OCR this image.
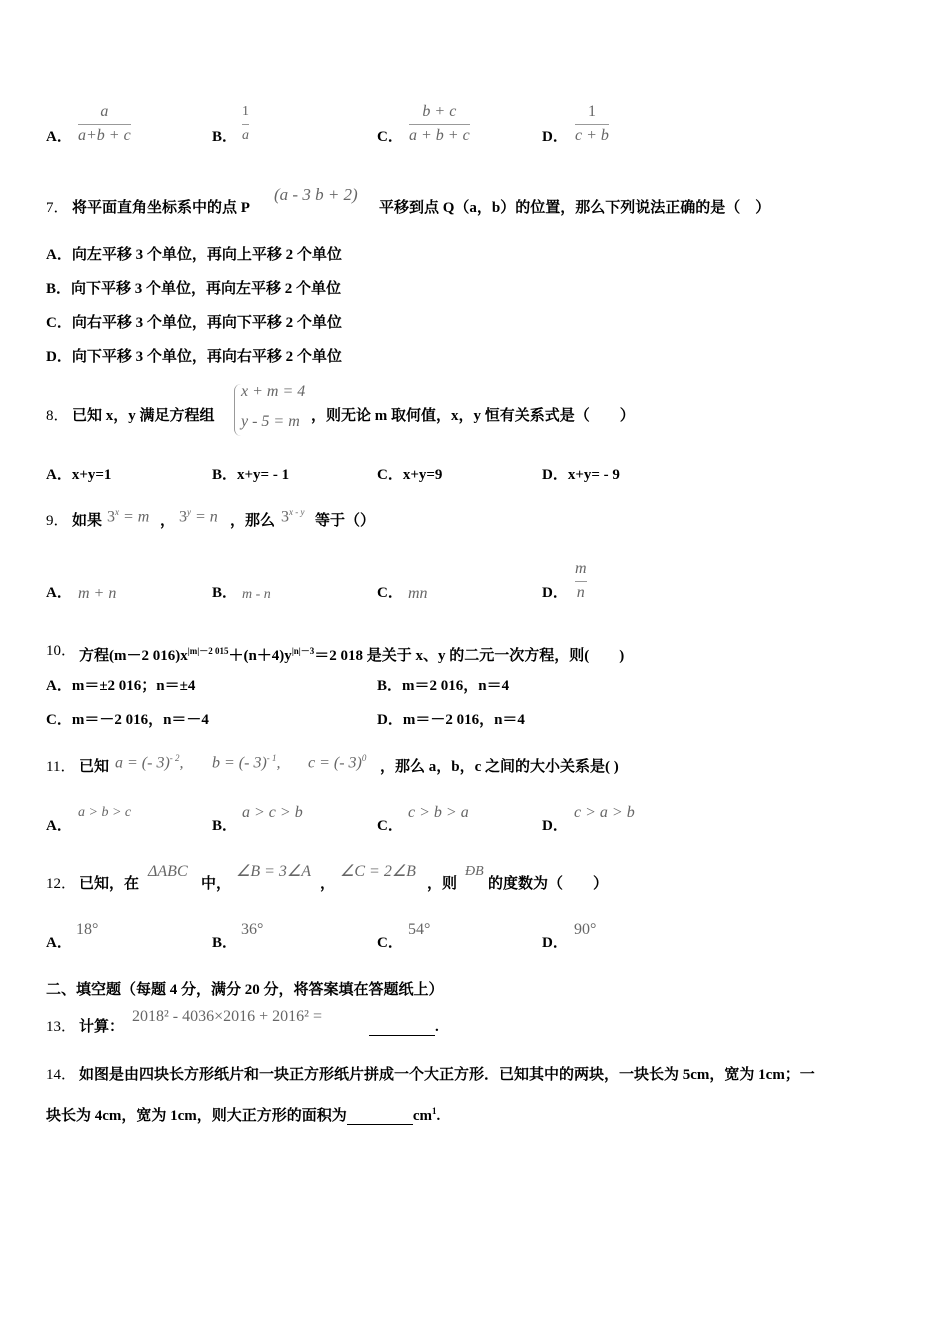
A．
a
a+b + c	B．
1
a	C．
b + c
a + b + c	D．
1
c + b
7． 将平面直角坐标系中的点 P
(a - 3 b + 2)
平移到点 Q（a，b）的位置，那么下列说法正确的是（　）
A．向左平移 3 个单位，再向上平移 2 个单位
B．向下平移 3 个单位，再向左平移 2 个单位
C．向右平移 3 个单位，再向下平移 2 个单位
D．向下平移 3 个单位，再向右平移 2 个单位
8． 已知 x，y 满足方程组
x + m = 4
y - 5 = m ，则无论 m 取何值，x，y 恒有关系式是（　　）
A．x+y=1	B．x+y= - 1	C．x+y=9	D．x+y= - 9
9． 如果 $3^x = m$ ， $3^y = n$ ，那么 3$^{x - y}$
等于（）
A． m + n	B． m - n	C． mn	D．
m
n
10． 方程(m－2 $016)x^{|m|-2 015}+(n+4)y^{|n|-3}=2$ 018 是关于 x、y 的二元一次方程，则(　　)
A．m＝±2 016；n＝±4	B．m＝2 016，n＝4
C．m＝－2 016，n＝－4	D．m＝－2 016，n＝4
11． 已知 a = (- 3)$^{- 2}$, b = (- 3)$^{- 1}$, c = (- 3)$^0$
，那么 a，b，c 之间的大小关系是( )
A．
a > b > c
B．
a > c > b
C．
c > b > a
D．
c > a > b
12． 已知，在
ΔABC
中，
∠B = 3∠A
，
∠C = 2∠B
，则
ÐB
的度数为（　　）
A．
18°
B．
36°
C．
54°
D．
90°
二、填空题（每题 4 分，满分 20 分，将答案填在答题纸上）
13． 计算：
2018² - 4036×2016 + 2016² =
.
14． 如图是由四块长方形纸片和一块正方形纸片拼成一个大正方形．已知其中的两块，一块长为 5cm，宽为 1cm；一
块长为 4cm，宽为 1cm，则大正方形的面积为	$cm^1$.
